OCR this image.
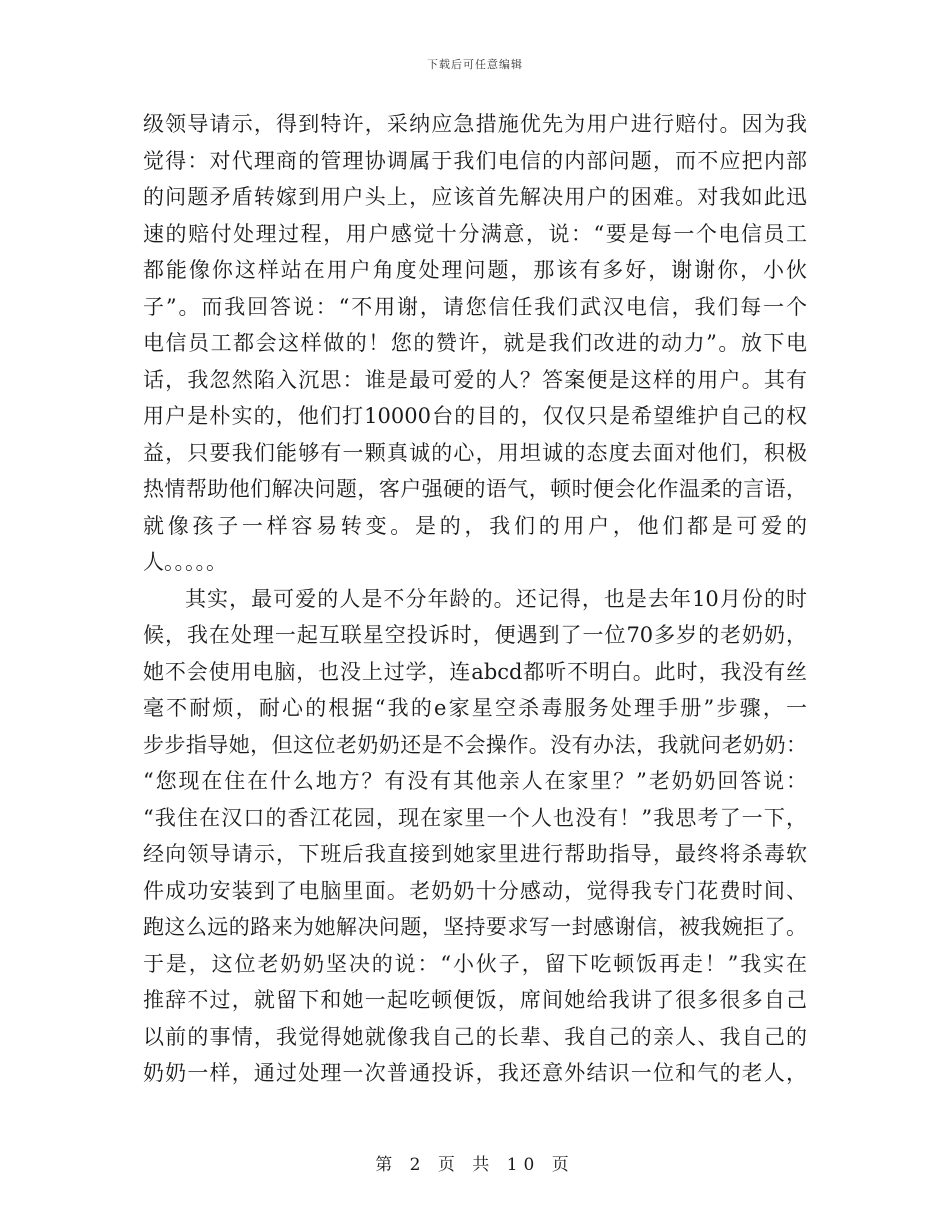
下载后可任意编辑
级领导请示，得到特许，采纳应急措施优先为用户进行赔付。因为我
觉得：对代理商的管理协调属于我们电信的内部问题，而不应把内部
的问题矛盾转嫁到用户头上，应该首先解决用户的困难。对我如此迅
速的赔付处理过程，用户感觉十分满意，说：“要是每一个电信员工
都能像你这样站在用户角度处理问题，那该有多好，谢谢你，小伙
子”。而我回答说：“不用谢，请您信任我们武汉电信，我们每一个
电信员工都会这样做的！您的赞许，就是我们改进的动力”。放下电
话，我忽然陷入沉思：谁是最可爱的人？答案便是这样的用户。其有
用户是朴实的，他们打10000台的目的，仅仅只是希望维护自己的权
益，只要我们能够有一颗真诚的心，用坦诚的态度去面对他们，积极
热情帮助他们解决问题，客户强硬的语气，顿时便会化作温柔的言语，
就像孩子一样容易转变。是的，我们的用户，他们都是可爱的
人。。。。。
其实，最可爱的人是不分年龄的。还记得，也是去年10月份的时
候，我在处理一起互联星空投诉时，便遇到了一位70多岁的老奶奶，
她不会使用电脑，也没上过学，连abcd都听不明白。此时，我没有丝
毫不耐烦，耐心的根据“我的e家星空杀毒服务处理手册”步骤，一
步步指导她，但这位老奶奶还是不会操作。没有办法，我就问老奶奶：
“您现在住在什么地方？有没有其他亲人在家里？”老奶奶回答说：
“我住在汉口的香江花园，现在家里一个人也没有！”我思考了一下，
经向领导请示，下班后我直接到她家里进行帮助指导，最终将杀毒软
件成功安装到了电脑里面。老奶奶十分感动，觉得我专门花费时间、
跑这么远的路来为她解决问题，坚持要求写一封感谢信，被我婉拒了。
于是，这位老奶奶坚决的说：“小伙子，留下吃顿饭再走！”我实在
推辞不过，就留下和她一起吃顿便饭，席间她给我讲了很多很多自己
以前的事情，我觉得她就像我自己的长辈、我自己的亲人、我自己的
奶奶一样，通过处理一次普通投诉，我还意外结识一位和气的老人，
第 2 页 共 10 页
